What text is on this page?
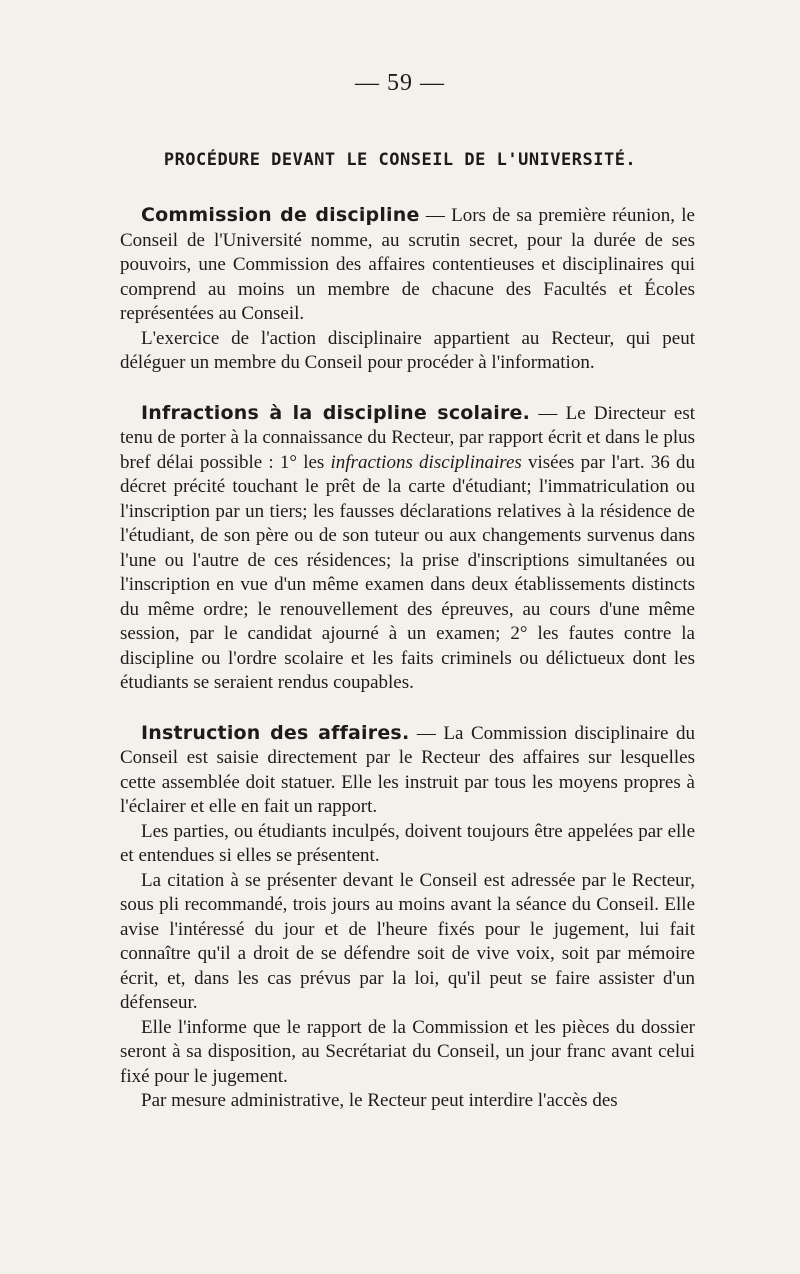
— 59 —
PROCÉDURE DEVANT LE CONSEIL DE L'UNIVERSITÉ.

Commission de discipline — Lors de sa première réunion, le Conseil de l'Université nomme, au scrutin secret, pour la durée de ses pouvoirs, une Commission des affaires contentieuses et disciplinaires qui comprend au moins un membre de chacune des Facultés et Écoles représentées au Conseil.

L'exercice de l'action disciplinaire appartient au Recteur, qui peut déléguer un membre du Conseil pour procéder à l'information.

Infractions à la discipline scolaire. — Le Directeur est tenu de porter à la connaissance du Recteur, par rapport écrit et dans le plus bref délai possible : 1° les infractions disciplinaires visées par l'art. 36 du décret précité touchant le prêt de la carte d'étudiant; l'immatriculation ou l'inscription par un tiers; les fausses déclarations relatives à la résidence de l'étudiant, de son père ou de son tuteur ou aux changements survenus dans l'une ou l'autre de ces résidences; la prise d'inscriptions simultanées ou l'inscription en vue d'un même examen dans deux établissements distincts du même ordre; le renouvellement des épreuves, au cours d'une même session, par le candidat ajourné à un examen; 2° les fautes contre la discipline ou l'ordre scolaire et les faits criminels ou délictueux dont les étudiants se seraient rendus coupables.

Instruction des affaires. — La Commission disciplinaire du Conseil est saisie directement par le Recteur des affaires sur lesquelles cette assemblée doit statuer. Elle les instruit par tous les moyens propres à l'éclairer et elle en fait un rapport.

Les parties, ou étudiants inculpés, doivent toujours être appelées par elle et entendues si elles se présentent.

La citation à se présenter devant le Conseil est adressée par le Recteur, sous pli recommandé, trois jours au moins avant la séance du Conseil. Elle avise l'intéressé du jour et de l'heure fixés pour le jugement, lui fait connaître qu'il a droit de se défendre soit de vive voix, soit par mémoire écrit, et, dans les cas prévus par la loi, qu'il peut se faire assister d'un défenseur.

Elle l'informe que le rapport de la Commission et les pièces du dossier seront à sa disposition, au Secrétariat du Conseil, un jour franc avant celui fixé pour le jugement.

Par mesure administrative, le Recteur peut interdire l'accès des
